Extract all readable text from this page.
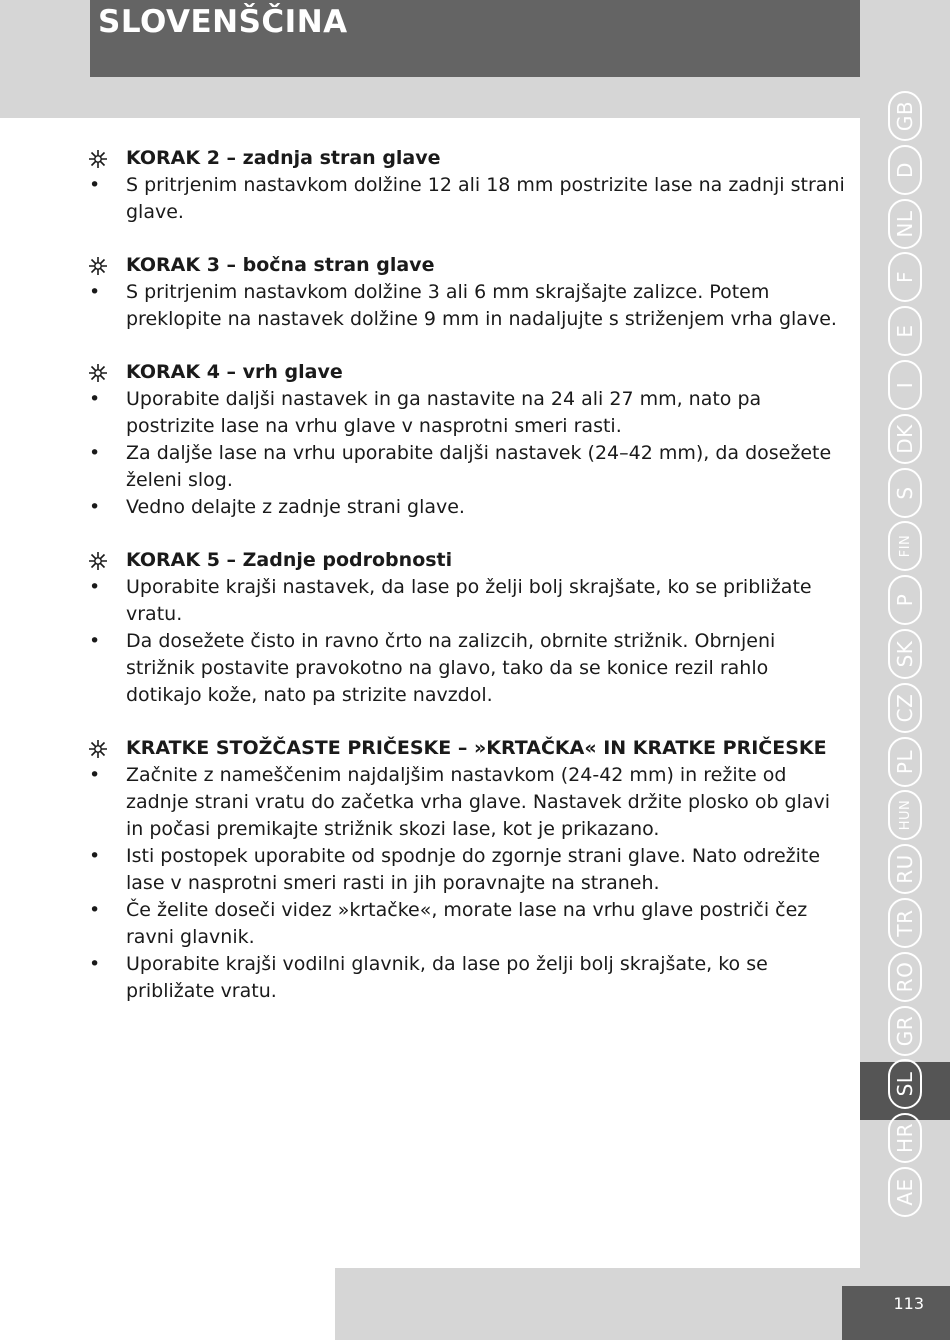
SLOVENŠČINA
KORAK 2 – zadnja stran glave
•	S pritrjenim nastavkom dolžine 12 ali 18 mm postrizite lase na zadnji strani glave.
KORAK 3 – bočna stran glave
•	S pritrjenim nastavkom dolžine 3 ali 6 mm skrajšajte zalizce. Potem preklopite na nastavek dolžine 9 mm in nadaljujte s striženjem vrha glave.
KORAK 4 – vrh glave
•	Uporabite daljši nastavek in ga nastavite na 24 ali 27 mm, nato pa postrizite lase na vrhu glave v nasprotni smeri rasti.
•	Za daljše lase na vrhu uporabite daljši nastavek (24–42 mm), da dosežete želeni slog.
•	Vedno delajte z zadnje strani glave.
KORAK 5 – Zadnje podrobnosti
•	Uporabite krajši nastavek, da lase po želji bolj skrajšate, ko se približate vratu.
•	Da dosežete čisto in ravno črto na zalizcih, obrnite strižnik. Obrnjeni strižnik postavite pravokotno na glavo, tako da se konice rezil rahlo dotikajo kože, nato pa strizite navzdol.
KRATKE STOŽČASTE PRIČESKE – »KRTAČKA« IN KRATKE PRIČESKE
•	Začnite z nameščenim najdaljšim nastavkom (24-42 mm) in režite od zadnje strani vratu do začetka vrha glave. Nastavek držite plosko ob glavi in počasi premikajte strižnik skozi lase, kot je prikazano.
•	Isti postopek uporabite od spodnje do zgornje strani glave. Nato odrežite lase v nasprotni smeri rasti in jih poravnajte na straneh.
•	Če želite doseči videz »krtačke«, morate lase na vrhu glave postriči čez ravni glavnik.
•	Uporabite krajši vodilni glavnik, da lase po želji bolj skrajšate, ko se približate vratu.
GB
D
NL
F
E
I
DK
S
FIN
P
SK
CZ
PL
HUN
RU
TR
RO
GR
SL
HR
AE
113
